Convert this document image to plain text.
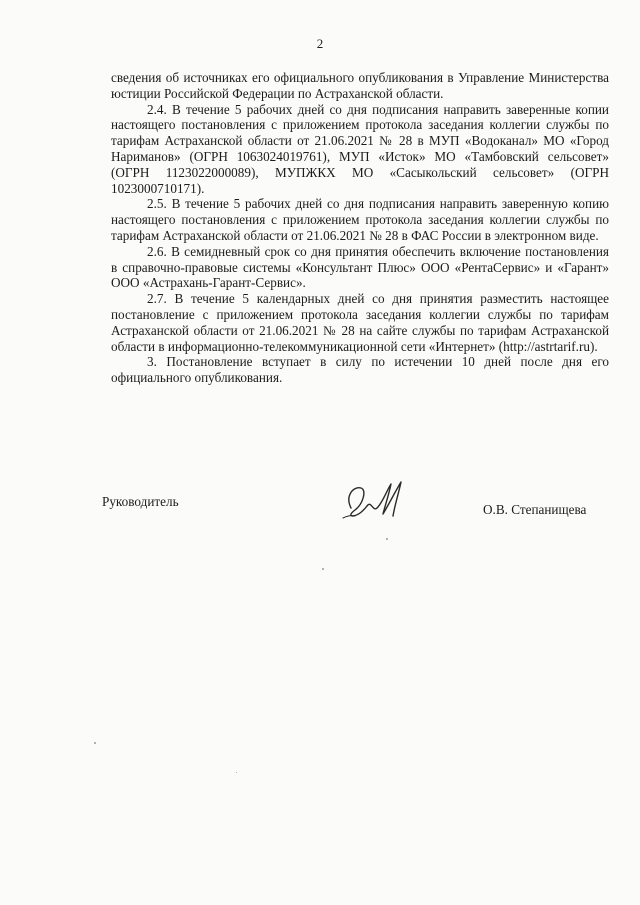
2

сведения об источниках его официального опубликования в Управление Министерства юстиции Российской Федерации по Астраханской области.

2.4. В течение 5 рабочих дней со дня подписания направить заверенные копии настоящего постановления с приложением протокола заседания коллегии службы по тарифам Астраханской области от 21.06.2021 № 28 в МУП «Водоканал» МО «Город Нариманов» (ОГРН 1063024019761), МУП «Исток» МО «Тамбовский сельсовет» (ОГРН 1123022000089), МУПЖКХ МО «Сасыкольский сельсовет» (ОГРН 1023000710171).

2.5. В течение 5 рабочих дней со дня подписания направить заверенную копию настоящего постановления с приложением протокола заседания коллегии службы по тарифам Астраханской области от 21.06.2021 № 28 в ФАС России в электронном виде.

2.6. В семидневный срок со дня принятия обеспечить включение постановления в справочно-правовые системы «Консультант Плюс» ООО «РентаСервис» и «Гарант» ООО «Астрахань-Гарант-Сервис».

2.7. В течение 5 календарных дней со дня принятия разместить настоящее постановление с приложением протокола заседания коллегии службы по тарифам Астраханской области от 21.06.2021 № 28 на сайте службы по тарифам Астраханской области в информационно-телекоммуникационной сети «Интернет» (http://astrtarif.ru).

3. Постановление вступает в силу по истечении 10 дней после дня его официального опубликования.

Руководитель
О.В. Степанищева
